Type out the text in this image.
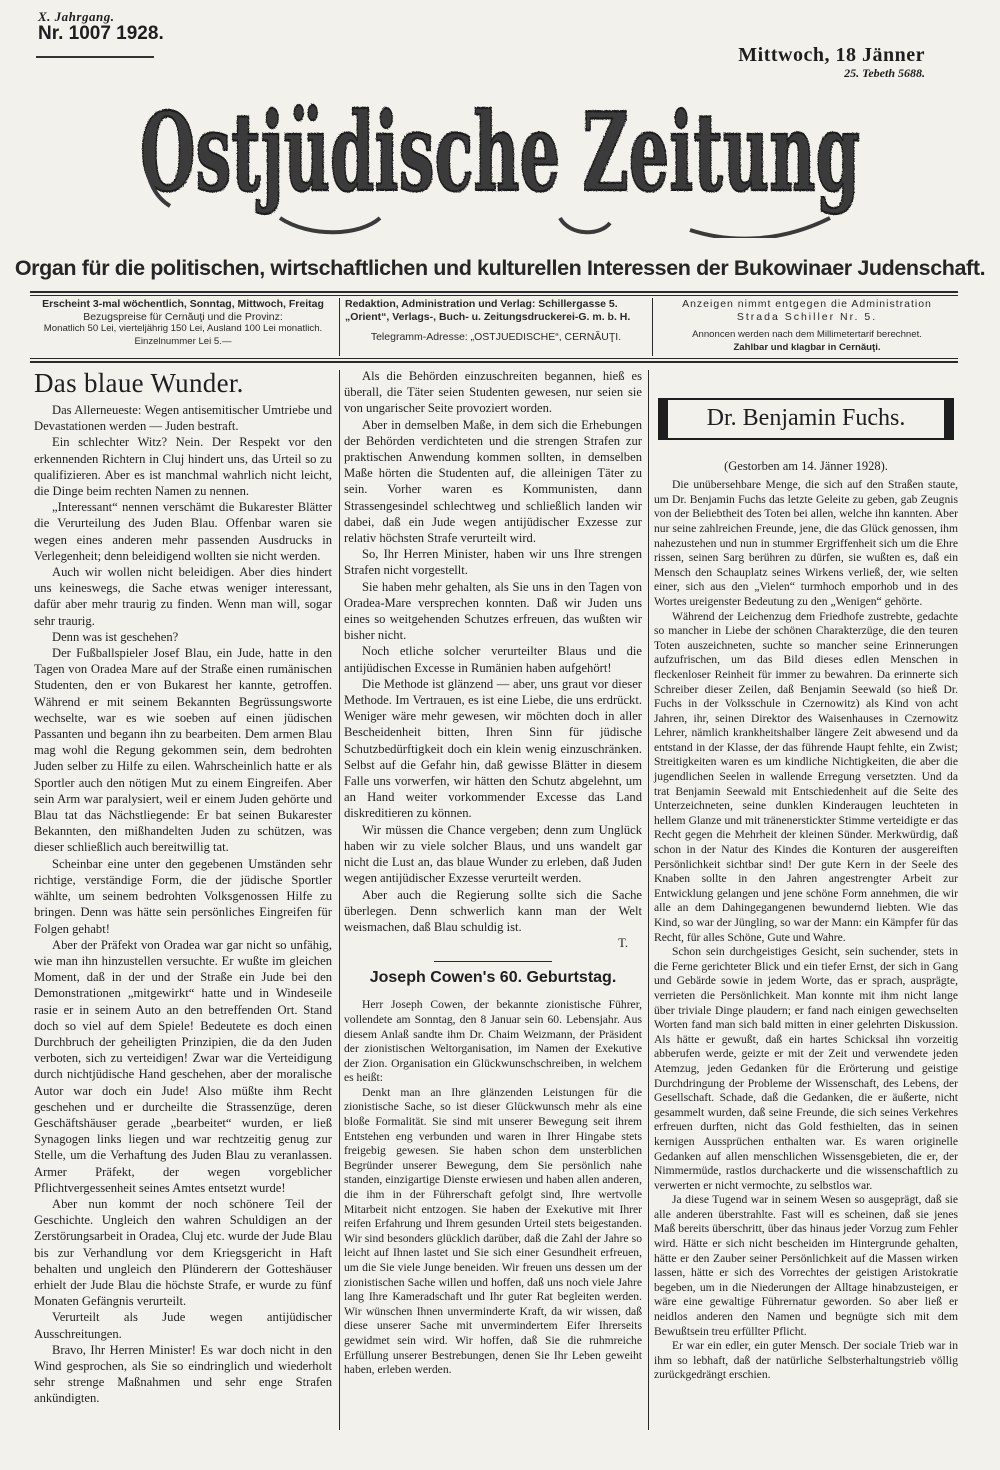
X. Jahrgang.
Nr. 1007 1928.
Mittwoch, 18 Jänner
25. Tebeth 5688.
Ostjüdische Zeitung
Organ für die politischen, wirtschaftlichen und kulturellen Interessen der Bukowinaer Judenschaft.
Erscheint 3-mal wöchentlich, Sonntag, Mittwoch, Freitag
Bezugspreise für Cernăuţi und die Provinz:
Monatlich 50 Lei, vierteljährig 150 Lei, Ausland 100 Lei monatlich.
Einzelnummer Lei 5.—
Redaktion, Administration und Verlag: Schillergasse 5.
„Orient“, Verlags-, Buch- u. Zeitungsdruckerei-G. m. b. H.
Telegramm-Adresse: „OSTJUEDISCHE“, CERNĂUŢI.
Anzeigen nimmt entgegen die Administration
Strada Schiller Nr. 5.
Annoncen werden nach dem Millimetertarif berechnet.
Zahlbar und klagbar in Cernăuţi.
Das blaue Wunder.

Das Allerneueste: Wegen antisemitischer Umtriebe und Devastationen werden — Juden bestraft.

Ein schlechter Witz? Nein. Der Respekt vor den erkennenden Richtern in Cluj hindert uns, das Urteil so zu qualifizieren. Aber es ist manchmal wahrlich nicht leicht, die Dinge beim rechten Namen zu nennen.

„Interessant“ nennen verschämt die Bukarester Blätter die Verurteilung des Juden Blau. Offenbar waren sie wegen eines anderen mehr passenden Ausdrucks in Verlegenheit; denn beleidigend wollten sie nicht werden.

Auch wir wollen nicht beleidigen. Aber dies hindert uns keineswegs, die Sache etwas weniger interessant, dafür aber mehr traurig zu finden. Wenn man will, sogar sehr traurig.

Denn was ist geschehen?

Der Fußballspieler Josef Blau, ein Jude, hatte in den Tagen von Oradea Mare auf der Straße einen rumänischen Studenten, den er von Bukarest her kannte, getroffen. Während er mit seinem Bekannten Begrüssungsworte wechselte, war es wie soeben auf einen jüdischen Passanten und begann ihn zu bearbeiten. Dem armen Blau mag wohl die Regung gekommen sein, dem bedrohten Juden selber zu Hilfe zu eilen. Wahrscheinlich hatte er als Sportler auch den nötigen Mut zu einem Eingreifen. Aber sein Arm war paralysiert, weil er einem Juden gehörte und Blau tat das Nächstliegende: Er bat seinen Bukarester Bekannten, den mißhandelten Juden zu schützen, was dieser schließlich auch bereitwillig tat.

Scheinbar eine unter den gegebenen Umständen sehr richtige, verständige Form, die der jüdische Sportler wählte, um seinem bedrohten Volksgenossen Hilfe zu bringen. Denn was hätte sein persönliches Eingreifen für Folgen gehabt!

Aber der Präfekt von Oradea war gar nicht so unfähig, wie man ihn hinzustellen versuchte. Er wußte im gleichen Moment, daß in der und der Straße ein Jude bei den Demonstrationen „mitgewirkt“ hatte und in Windeseile rasie er in seinem Auto an den betreffenden Ort. Stand doch so viel auf dem Spiele! Bedeutete es doch einen Durchbruch der geheiligten Prinzipien, die da den Juden verboten, sich zu verteidigen! Zwar war die Verteidigung durch nichtjüdische Hand geschehen, aber der moralische Autor war doch ein Jude! Also müßte ihm Recht geschehen und er durcheilte die Strassenzüge, deren Geschäftshäuser gerade „bearbeitet“ wurden, er ließ Synagogen links liegen und war rechtzeitig genug zur Stelle, um die Verhaftung des Juden Blau zu veranlassen. Armer Präfekt, der wegen vorgeblicher Pflichtvergessenheit seines Amtes entsetzt wurde!

Aber nun kommt der noch schönere Teil der Geschichte. Ungleich den wahren Schuldigen an der Zerstörungsarbeit in Oradea, Cluj etc. wurde der Jude Blau bis zur Verhandlung vor dem Kriegsgericht in Haft behalten und ungleich den Plünderern der Gotteshäuser erhielt der Jude Blau die höchste Strafe, er wurde zu fünf Monaten Gefängnis verurteilt.

Verurteilt als Jude wegen antijüdischer Ausschreitungen.

Bravo, Ihr Herren Minister! Es war doch nicht in den Wind gesprochen, als Sie so eindringlich und wiederholt sehr strenge Maßnahmen und sehr enge Strafen ankündigten.

Als die Behörden einzuschreiten begannen, hieß es überall, die Täter seien Studenten gewesen, nur seien sie von ungarischer Seite provoziert worden.

Aber in demselben Maße, in dem sich die Erhebungen der Behörden verdichteten und die strengen Strafen zur praktischen Anwendung kommen sollten, in demselben Maße hörten die Studenten auf, die alleinigen Täter zu sein. Vorher waren es Kommunisten, dann Strassengesindel schlechtweg und schließlich landen wir dabei, daß ein Jude wegen antijüdischer Exzesse zur relativ höchsten Strafe verurteilt wird.

So, Ihr Herren Minister, haben wir uns Ihre strengen Strafen nicht vorgestellt.

Sie haben mehr gehalten, als Sie uns in den Tagen von Oradea-Mare versprechen konnten. Daß wir Juden uns eines so weitgehenden Schutzes erfreuen, das wußten wir bisher nicht.

Noch etliche solcher verurteilter Blaus und die antijüdischen Excesse in Rumänien haben aufgehört!

Die Methode ist glänzend — aber, uns graut vor dieser Methode. Im Vertrauen, es ist eine Liebe, die uns erdrückt. Weniger wäre mehr gewesen, wir möchten doch in aller Bescheidenheit bitten, Ihren Sinn für jüdische Schutzbedürftigkeit doch ein klein wenig einzuschränken. Selbst auf die Gefahr hin, daß gewisse Blätter in diesem Falle uns vorwerfen, wir hätten den Schutz abgelehnt, um an Hand weiter vorkommender Excesse das Land diskreditieren zu können.

Wir müssen die Chance vergeben; denn zum Unglück haben wir zu viele solcher Blaus, und uns wandelt gar nicht die Lust an, das blaue Wunder zu erleben, daß Juden wegen antijüdischer Exzesse verurteilt werden.

Aber auch die Regierung sollte sich die Sache überlegen. Denn schwerlich kann man der Welt weismachen, daß Blau schuldig ist.

T.

Joseph Cowen's 60. Geburtstag.

Herr Joseph Cowen, der bekannte zionistische Führer, vollendete am Sonntag, den 8 Januar sein 60. Lebensjahr. Aus diesem Anlaß sandte ihm Dr. Chaim Weizmann, der Präsident der zionistischen Weltorganisation, im Namen der Exekutive der Zion. Organisation ein Glückwunschschreiben, in welchem es heißt:

Denkt man an Ihre glänzenden Leistungen für die zionistische Sache, so ist dieser Glückwunsch mehr als eine bloße Formalität. Sie sind mit unserer Bewegung seit ihrem Entstehen eng verbunden und waren in Ihrer Hingabe stets freigebig gewesen. Sie haben schon dem unsterblichen Begründer unserer Bewegung, dem Sie persönlich nahe standen, einzigartige Dienste erwiesen und haben allen anderen, die ihm in der Führerschaft gefolgt sind, Ihre wertvolle Mitarbeit nicht entzogen. Sie haben der Exekutive mit Ihrer reifen Erfahrung und Ihrem gesunden Urteil stets beigestanden. Wir sind besonders glücklich darüber, daß die Zahl der Jahre so leicht auf Ihnen lastet und Sie sich einer Gesundheit erfreuen, um die Sie viele Junge beneiden. Wir freuen uns dessen um der zionistischen Sache willen und hoffen, daß uns noch viele Jahre lang Ihre Kameradschaft und Ihr guter Rat begleiten werden. Wir wünschen Ihnen unverminderte Kraft, da wir wissen, daß diese unserer Sache mit unvermindertem Eifer Ihrerseits gewidmet sein wird. Wir hoffen, daß Sie die ruhmreiche Erfüllung unserer Bestrebungen, denen Sie Ihr Leben geweiht haben, erleben werden.

Dr. Benjamin Fuchs.
(Gestorben am 14. Jänner 1928).

Die unübersehbare Menge, die sich auf den Straßen staute, um Dr. Benjamin Fuchs das letzte Geleite zu geben, gab Zeugnis von der Beliebtheit des Toten bei allen, welche ihn kannten. Aber nur seine zahlreichen Freunde, jene, die das Glück genossen, ihm nahezustehen und nun in stummer Ergriffenheit sich um die Ehre rissen, seinen Sarg berühren zu dürfen, sie wußten es, daß ein Mensch den Schauplatz seines Wirkens verließ, der, wie selten einer, sich aus den „Vielen“ turmhoch emporhob und in des Wortes ureigenster Bedeutung zu den „Wenigen“ gehörte.

Während der Leichenzug dem Friedhofe zustrebte, gedachte so mancher in Liebe der schönen Charakterzüge, die den teuren Toten auszeichneten, suchte so mancher seine Erinnerungen aufzufrischen, um das Bild dieses edlen Menschen in fleckenloser Reinheit für immer zu bewahren. Da erinnerte sich Schreiber dieser Zeilen, daß Benjamin Seewald (so hieß Dr. Fuchs in der Volksschule in Czernowitz) als Kind von acht Jahren, ihr, seinen Direktor des Waisenhauses in Czernowitz Lehrer, nämlich krankheitshalber längere Zeit abwesend und da entstand in der Klasse, der das führende Haupt fehlte, ein Zwist; Streitigkeiten waren es um kindliche Nichtigkeiten, die aber die jugendlichen Seelen in wallende Erregung versetzten. Und da trat Benjamin Seewald mit Entschiedenheit auf die Seite des Unterzeichneten, seine dunklen Kinderaugen leuchteten in hellem Glanze und mit tränenerstickter Stimme verteidigte er das Recht gegen die Mehrheit der kleinen Sünder. Merkwürdig, daß schon in der Natur des Kindes die Konturen der ausgereiften Persönlichkeit sichtbar sind! Der gute Kern in der Seele des Knaben sollte in den Jahren angestrengter Arbeit zur Entwicklung gelangen und jene schöne Form annehmen, die wir alle an dem Dahingegangenen bewundernd liebten. Wie das Kind, so war der Jüngling, so war der Mann: ein Kämpfer für das Recht, für alles Schöne, Gute und Wahre.

Schon sein durchgeistiges Gesicht, sein suchender, stets in die Ferne gerichteter Blick und ein tiefer Ernst, der sich in Gang und Gebärde sowie in jedem Worte, das er sprach, ausprägte, verrieten die Persönlichkeit. Man konnte mit ihm nicht lange über triviale Dinge plaudern; er fand nach einigen gewechselten Worten fand man sich bald mitten in einer gelehrten Diskussion. Als hätte er gewußt, daß ein hartes Schicksal ihn vorzeitig abberufen werde, geizte er mit der Zeit und verwendete jeden Atemzug, jeden Gedanken für die Erörterung und geistige Durchdringung der Probleme der Wissenschaft, des Lebens, der Gesellschaft. Schade, daß die Gedanken, die er äußerte, nicht gesammelt wurden, daß seine Freunde, die sich seines Verkehres erfreuen durften, nicht das Gold festhielten, das in seinen kernigen Aussprüchen enthalten war. Es waren originelle Gedanken auf allen menschlichen Wissensgebieten, die er, der Nimmermüde, rastlos durchackerte und die wissenschaftlich zu verwerten er nicht vermochte, zu selbstlos war.

Ja diese Tugend war in seinem Wesen so ausgeprägt, daß sie alle anderen überstrahlte. Fast will es scheinen, daß sie jenes Maß bereits überschritt, über das hinaus jeder Vorzug zum Fehler wird. Hätte er sich nicht bescheiden im Hintergrunde gehalten, hätte er den Zauber seiner Persönlichkeit auf die Massen wirken lassen, hätte er sich des Vorrechtes der geistigen Aristokratie begeben, um in die Niederungen der Alltage hinabzusteigen, er wäre eine gewaltige Führernatur geworden. So aber ließ er neidlos anderen den Namen und begnügte sich mit dem Bewußtsein treu erfüllter Pflicht.

Er war ein edler, ein guter Mensch. Der sociale Trieb war in ihm so lebhaft, daß der natürliche Selbsterhaltungstrieb völlig zurückgedrängt erschien.
